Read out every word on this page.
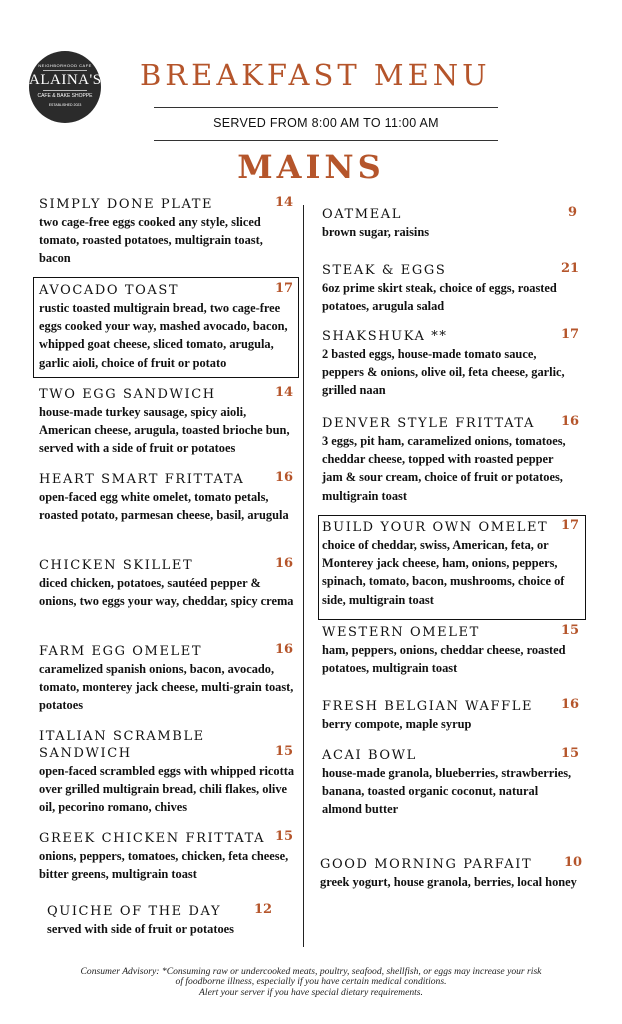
NEIGHBORHOOD CAFE
ALAINA'S
CAFE & BAKE SHOPPE
ESTABLISHED 2023
BREAKFAST MENU
SERVED FROM 8:00 AM TO 11:00 AM
MAINS
SIMPLY DONE PLATE
two cage-free eggs cooked any style, sliced tomato, roasted potatoes, multigrain toast, bacon
14
AVOCADO TOAST
rustic toasted multigrain bread, two cage-free eggs cooked your way, mashed avocado, bacon, whipped goat cheese, sliced tomato, arugula, garlic aioli, choice of fruit or potato
17
TWO EGG SANDWICH
house-made turkey sausage, spicy aioli, American cheese, arugula, toasted brioche bun, served with a side of fruit or potatoes
14
HEART SMART FRITTATA
open-faced egg white omelet, tomato petals, roasted potato, parmesan cheese, basil, arugula
16
CHICKEN SKILLET
diced chicken, potatoes, sautéed pepper & onions, two eggs your way, cheddar, spicy crema
16
FARM EGG OMELET
caramelized spanish onions, bacon, avocado, tomato, monterey jack cheese, multi-grain toast, potatoes
16
ITALIAN SCRAMBLE SANDWICH
open-faced scrambled eggs with whipped ricotta over grilled multigrain bread, chili flakes, olive oil, pecorino romano, chives
15
GREEK CHICKEN FRITTATA
onions, peppers, tomatoes, chicken, feta cheese, bitter greens, multigrain toast
15
QUICHE OF THE DAY
served with side of fruit or potatoes
12
OATMEAL
brown sugar, raisins
9
STEAK & EGGS
6oz prime skirt steak, choice of eggs, roasted potatoes, arugula salad
21
SHAKSHUKA **
2 basted eggs, house-made tomato sauce, peppers & onions, olive oil, feta cheese, garlic, grilled naan
17
DENVER STYLE FRITTATA
3 eggs, pit ham, caramelized onions, tomatoes, cheddar cheese, topped with roasted pepper jam & sour cream, choice of fruit or potatoes, multigrain toast
16
BUILD YOUR OWN OMELET
choice of cheddar, swiss, American, feta, or Monterey jack cheese, ham, onions, peppers, spinach, tomato, bacon, mushrooms, choice of side, multigrain toast
17
WESTERN OMELET
ham, peppers, onions, cheddar cheese, roasted potatoes, multigrain toast
15
FRESH BELGIAN WAFFLE
berry compote, maple syrup
16
ACAI BOWL
house-made granola, blueberries, strawberries, banana, toasted organic coconut, natural almond butter
15
GOOD MORNING PARFAIT
greek yogurt, house granola, berries, local honey
10
Consumer Advisory: *Consuming raw or undercooked meats, poultry, seafood, shellfish, or eggs may increase your risk
of foodborne illness, especially if you have certain medical conditions.
Alert your server if you have special dietary requirements.
